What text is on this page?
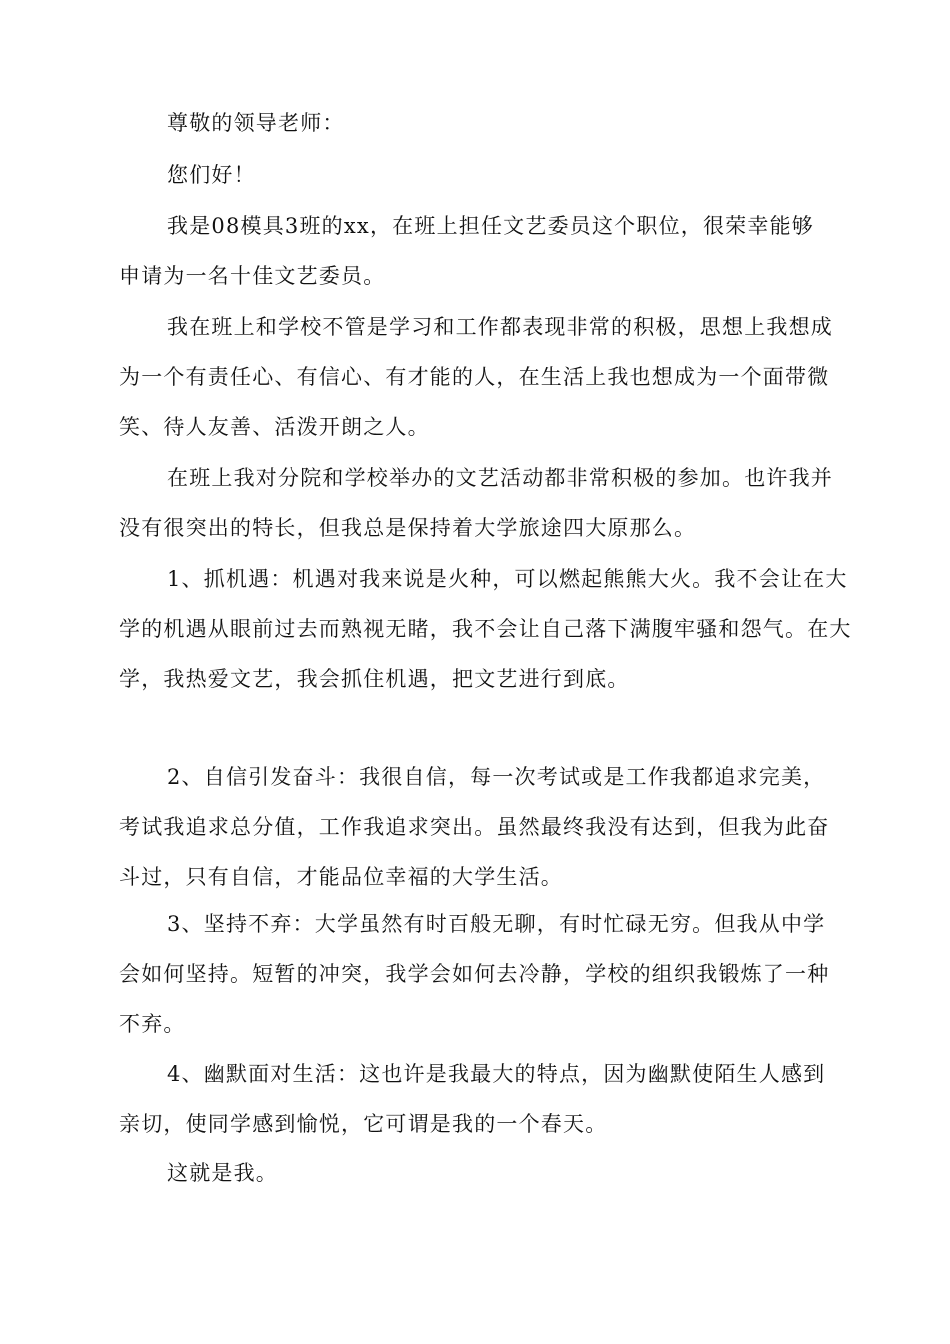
尊敬的领导老师：

您们好！

我是08模具3班的xx，在班上担任文艺委员这个职位，很荣幸能够申请为一名十佳文艺委员。

我在班上和学校不管是学习和工作都表现非常的积极，思想上我想成为一个有责任心、有信心、有才能的人，在生活上我也想成为一个面带微笑、待人友善、活泼开朗之人。

在班上我对分院和学校举办的文艺活动都非常积极的参加。也许我并没有很突出的特长，但我总是保持着大学旅途四大原那么。

1、抓机遇：机遇对我来说是火种，可以燃起熊熊大火。我不会让在大学的机遇从眼前过去而熟视无睹，我不会让自己落下满腹牢骚和怨气。在大学，我热爱文艺，我会抓住机遇，把文艺进行到底。

2、自信引发奋斗：我很自信，每一次考试或是工作我都追求完美，考试我追求总分值，工作我追求突出。虽然最终我没有达到，但我为此奋斗过，只有自信，才能品位幸福的大学生活。

3、坚持不弃：大学虽然有时百般无聊，有时忙碌无穷。但我从中学会如何坚持。短暂的冲突，我学会如何去冷静，学校的组织我锻炼了一种不弃。

4、幽默面对生活：这也许是我最大的特点，因为幽默使陌生人感到亲切，使同学感到愉悦，它可谓是我的一个春天。

这就是我。
